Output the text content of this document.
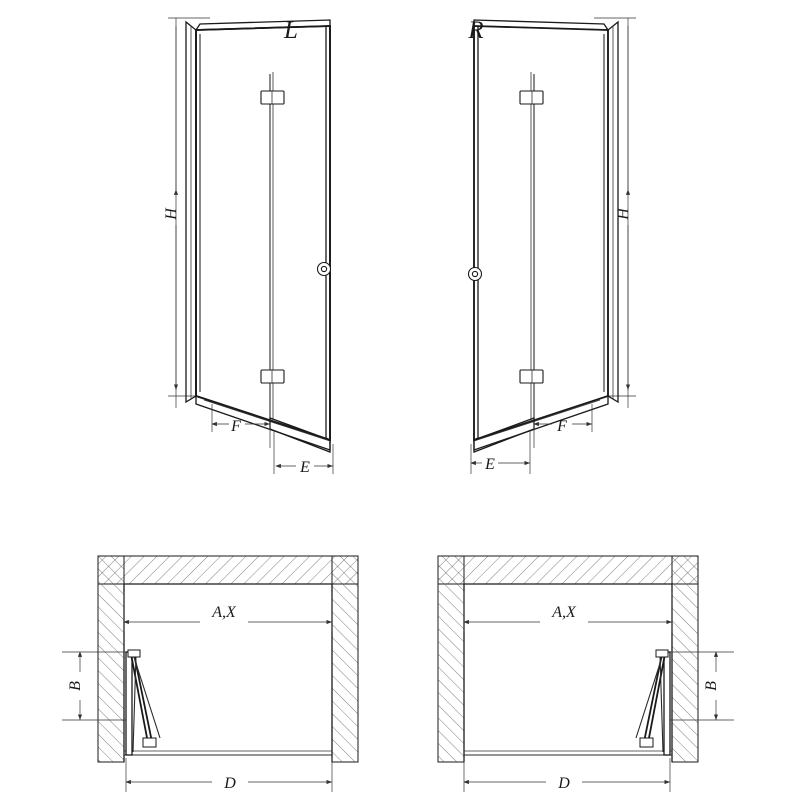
F
E
H
L
E
F
H
R
A,X
B
D
A,X
B
D
